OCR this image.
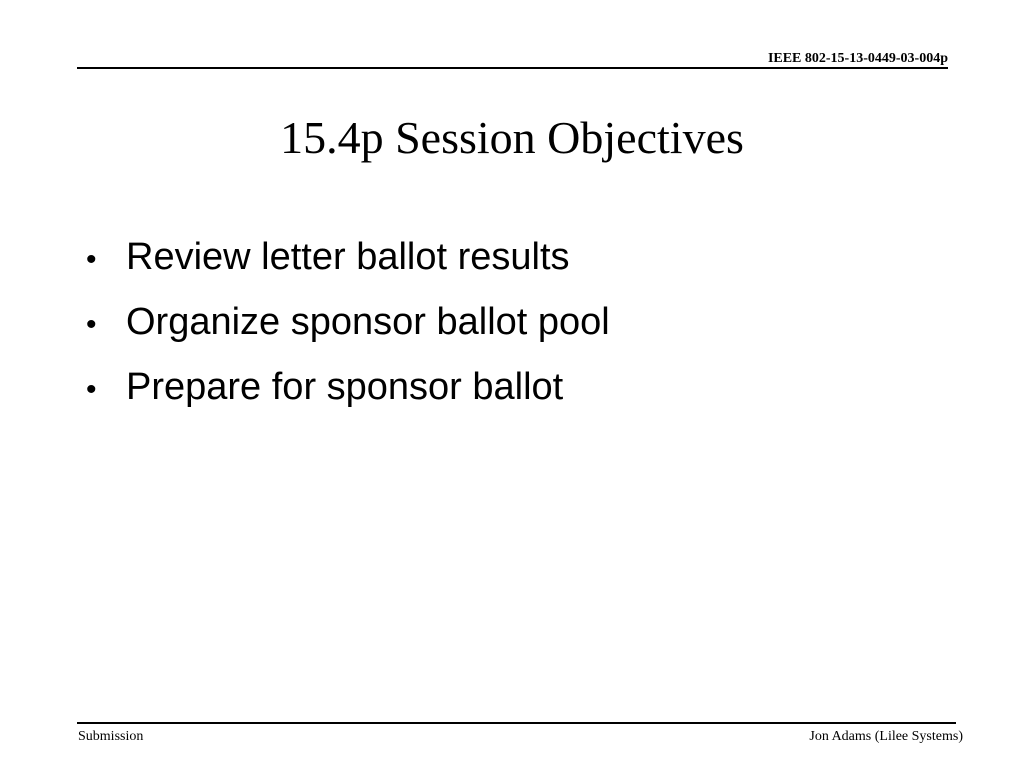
IEEE 802-15-13-0449-03-004p
15.4p Session Objectives
• Review letter ballot results
• Organize sponsor ballot pool
• Prepare for sponsor ballot
Submission	Jon Adams (Lilee Systems)
